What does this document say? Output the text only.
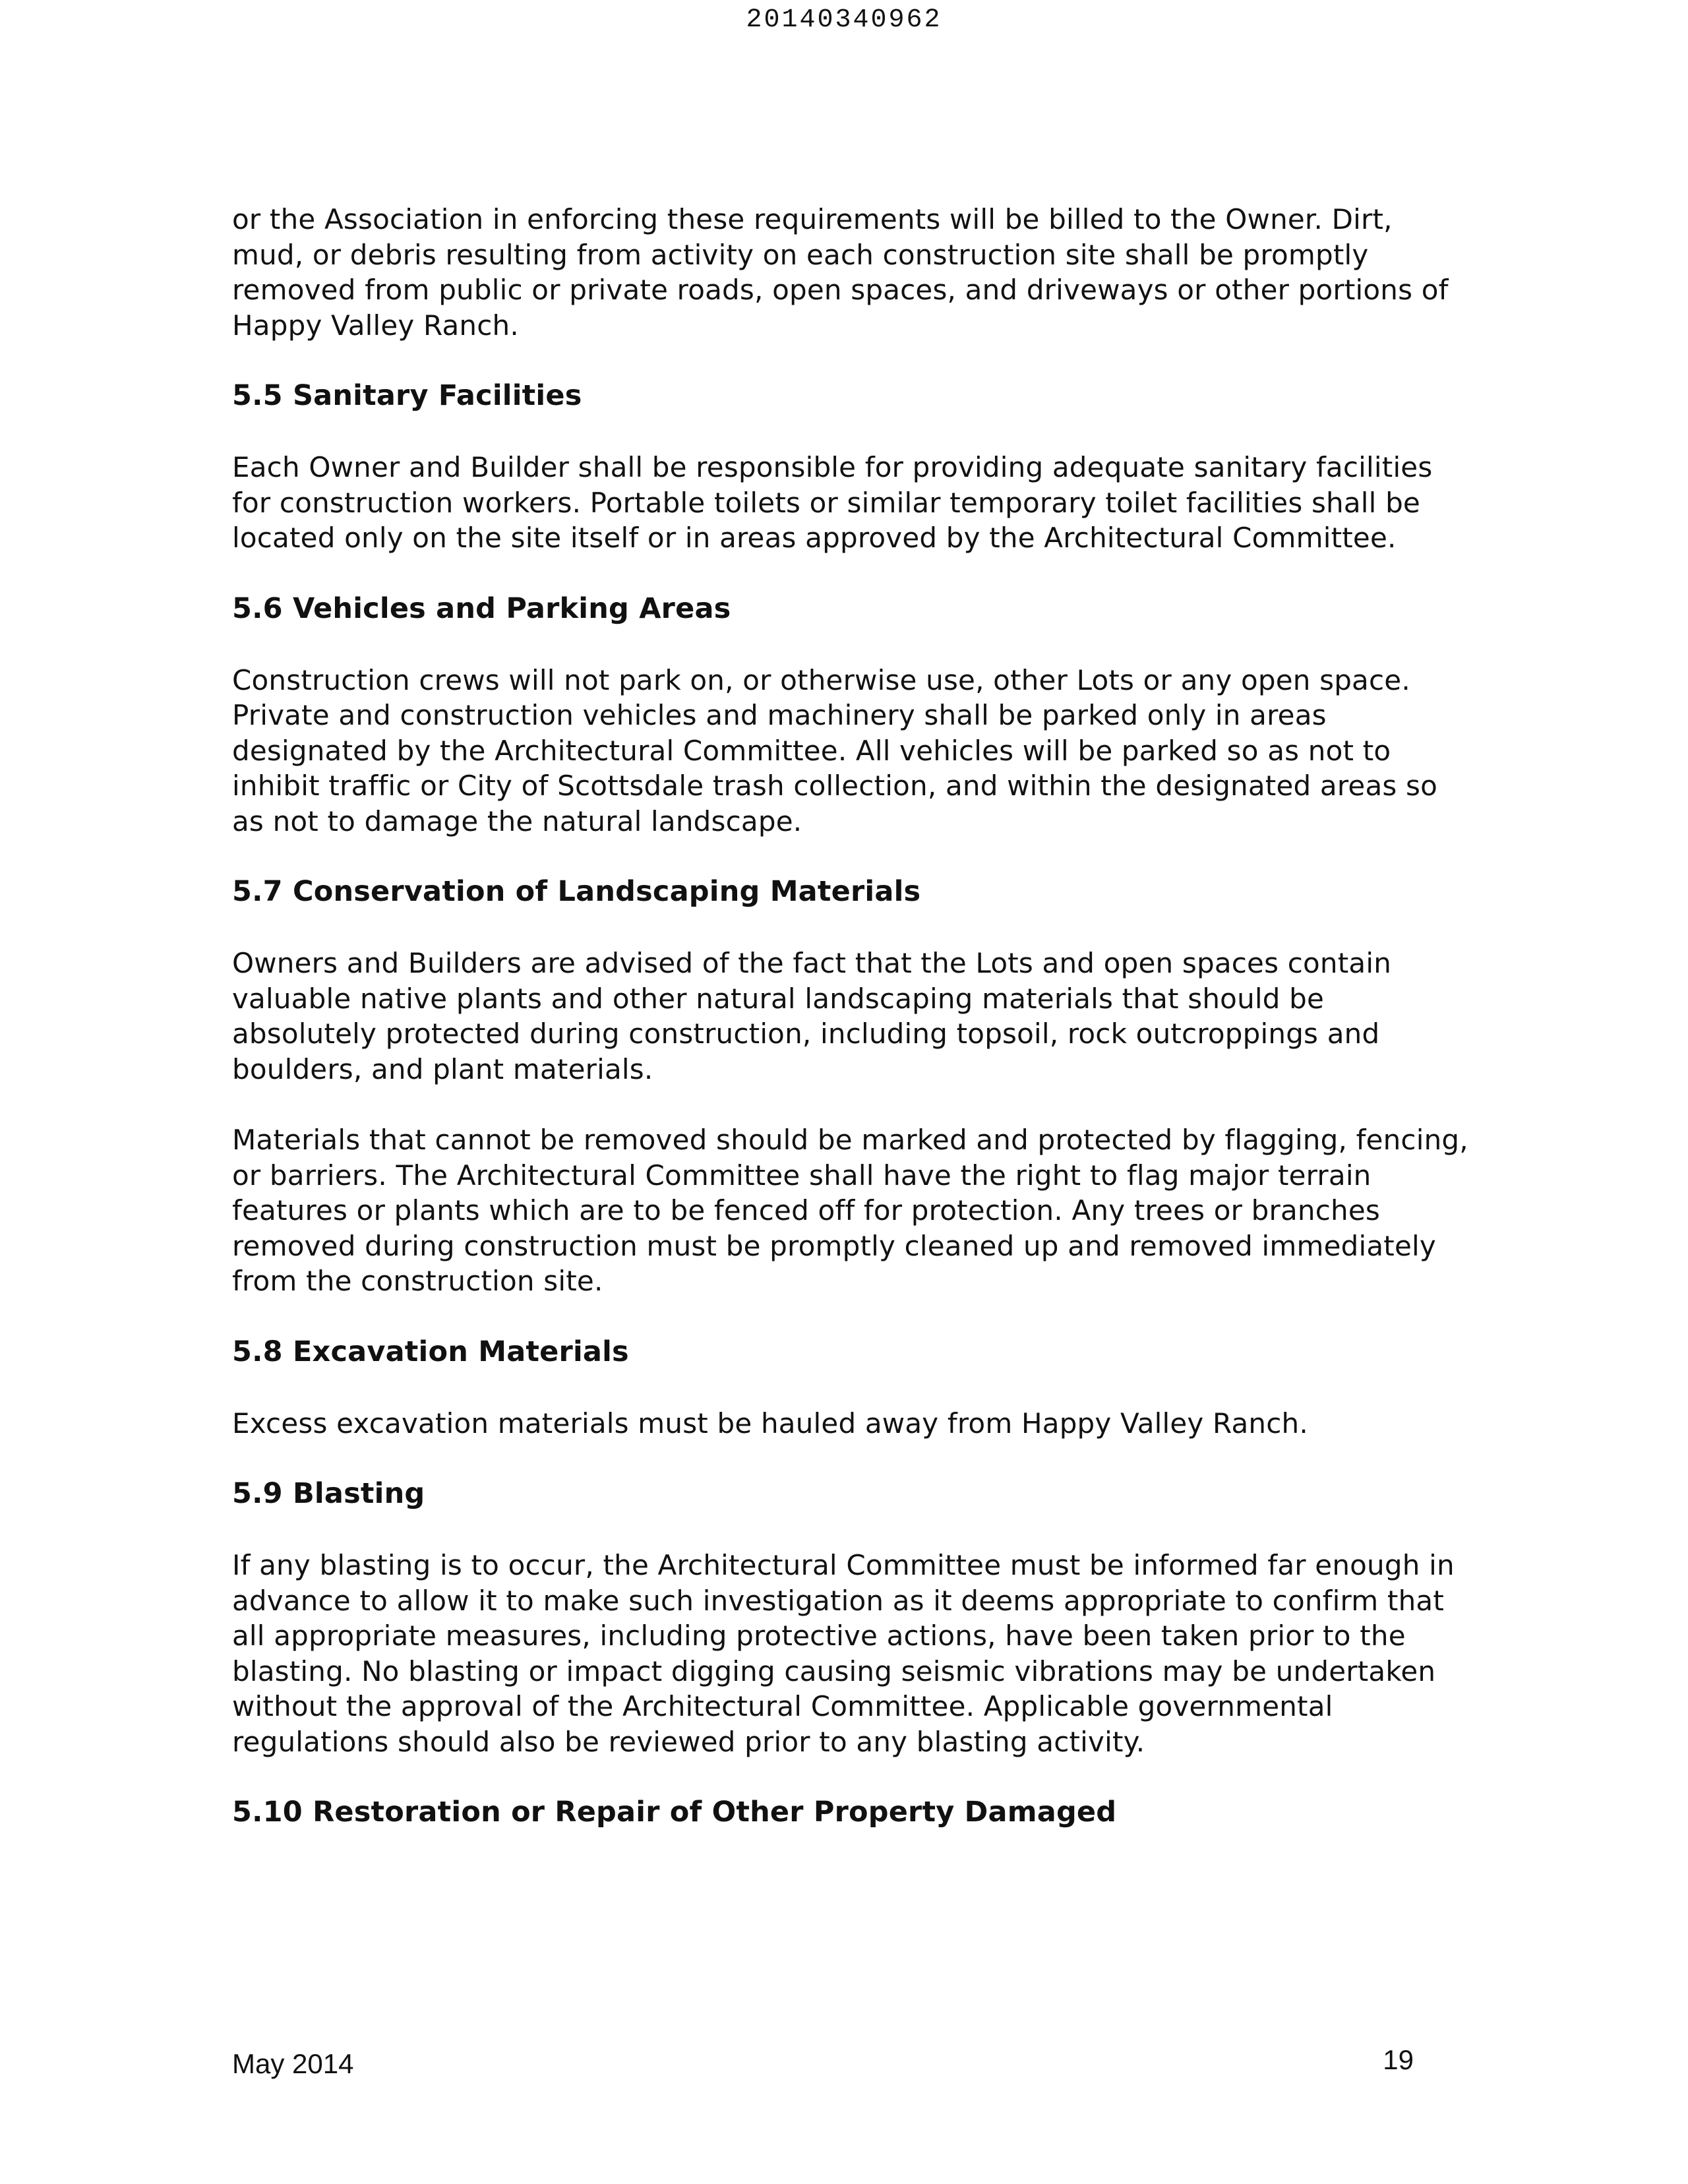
20140340962

or the Association in enforcing these requirements will be billed to the Owner. Dirt, mud, or debris resulting from activity on each construction site shall be promptly removed from public or private roads, open spaces, and driveways or other portions of Happy Valley Ranch.

5.5 Sanitary Facilities

Each Owner and Builder shall be responsible for providing adequate sanitary facilities for construction workers. Portable toilets or similar temporary toilet facilities shall be located only on the site itself or in areas approved by the Architectural Committee.

5.6 Vehicles and Parking Areas

Construction crews will not park on, or otherwise use, other Lots or any open space. Private and construction vehicles and machinery shall be parked only in areas designated by the Architectural Committee. All vehicles will be parked so as not to inhibit traffic or City of Scottsdale trash collection, and within the designated areas so as not to damage the natural landscape.

5.7 Conservation of Landscaping Materials

Owners and Builders are advised of the fact that the Lots and open spaces contain valuable native plants and other natural landscaping materials that should be absolutely protected during construction, including topsoil, rock outcroppings and boulders, and plant materials.

Materials that cannot be removed should be marked and protected by flagging, fencing, or barriers. The Architectural Committee shall have the right to flag major terrain features or plants which are to be fenced off for protection. Any trees or branches removed during construction must be promptly cleaned up and removed immediately from the construction site.

5.8 Excavation Materials

Excess excavation materials must be hauled away from Happy Valley Ranch.

5.9 Blasting

If any blasting is to occur, the Architectural Committee must be informed far enough in advance to allow it to make such investigation as it deems appropriate to confirm that all appropriate measures, including protective actions, have been taken prior to the blasting. No blasting or impact digging causing seismic vibrations may be undertaken without the approval of the Architectural Committee. Applicable governmental regulations should also be reviewed prior to any blasting activity.

5.10 Restoration or Repair of Other Property Damaged
May 2014	19
